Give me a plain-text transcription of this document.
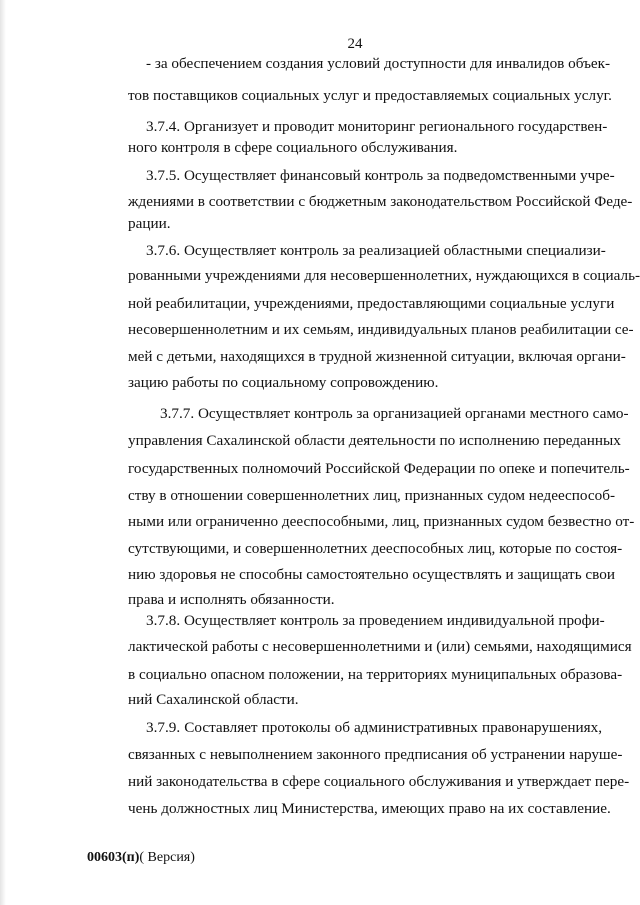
24
- за обеспечением создания условий доступности для инвалидов объек-
тов поставщиков социальных услуг и предоставляемых социальных услуг.
3.7.4. Организует и проводит мониторинг регионального государствен-
ного контроля в сфере социального обслуживания.
3.7.5. Осуществляет финансовый контроль за подведомственными учре-
ждениями в соответствии с бюджетным законодательством Российской Феде-
рации.
3.7.6. Осуществляет контроль за реализацией областными специализи-
рованными учреждениями для несовершеннолетних, нуждающихся в социаль-
ной реабилитации, учреждениями, предоставляющими социальные услуги
несовершеннолетним и их семьям, индивидуальных планов реабилитации се-
мей с детьми, находящихся в трудной жизненной ситуации, включая органи-
зацию работы по социальному сопровождению.
3.7.7. Осуществляет контроль за организацией органами местного само-
управления Сахалинской области деятельности по исполнению переданных
государственных полномочий Российской Федерации по опеке и попечитель-
ству в отношении совершеннолетних лиц, признанных судом недееспособ-
ными или ограниченно дееспособными, лиц, признанных судом безвестно от-
сутствующими, и совершеннолетних дееспособных лиц, которые по состоя-
нию здоровья не способны самостоятельно осуществлять и защищать свои
права и исполнять обязанности.
3.7.8. Осуществляет контроль за проведением индивидуальной профи-
лактической работы с несовершеннолетними и (или) семьями, находящимися
в социально опасном положении, на территориях муниципальных образова-
ний Сахалинской области.
3.7.9. Составляет протоколы об административных правонарушениях,
связанных с невыполнением законного предписания об устранении наруше-
ний законодательства в сфере социального обслуживания и утверждает пере-
чень должностных лиц Министерства, имеющих право на их составление.
00603(п)( Версия)
